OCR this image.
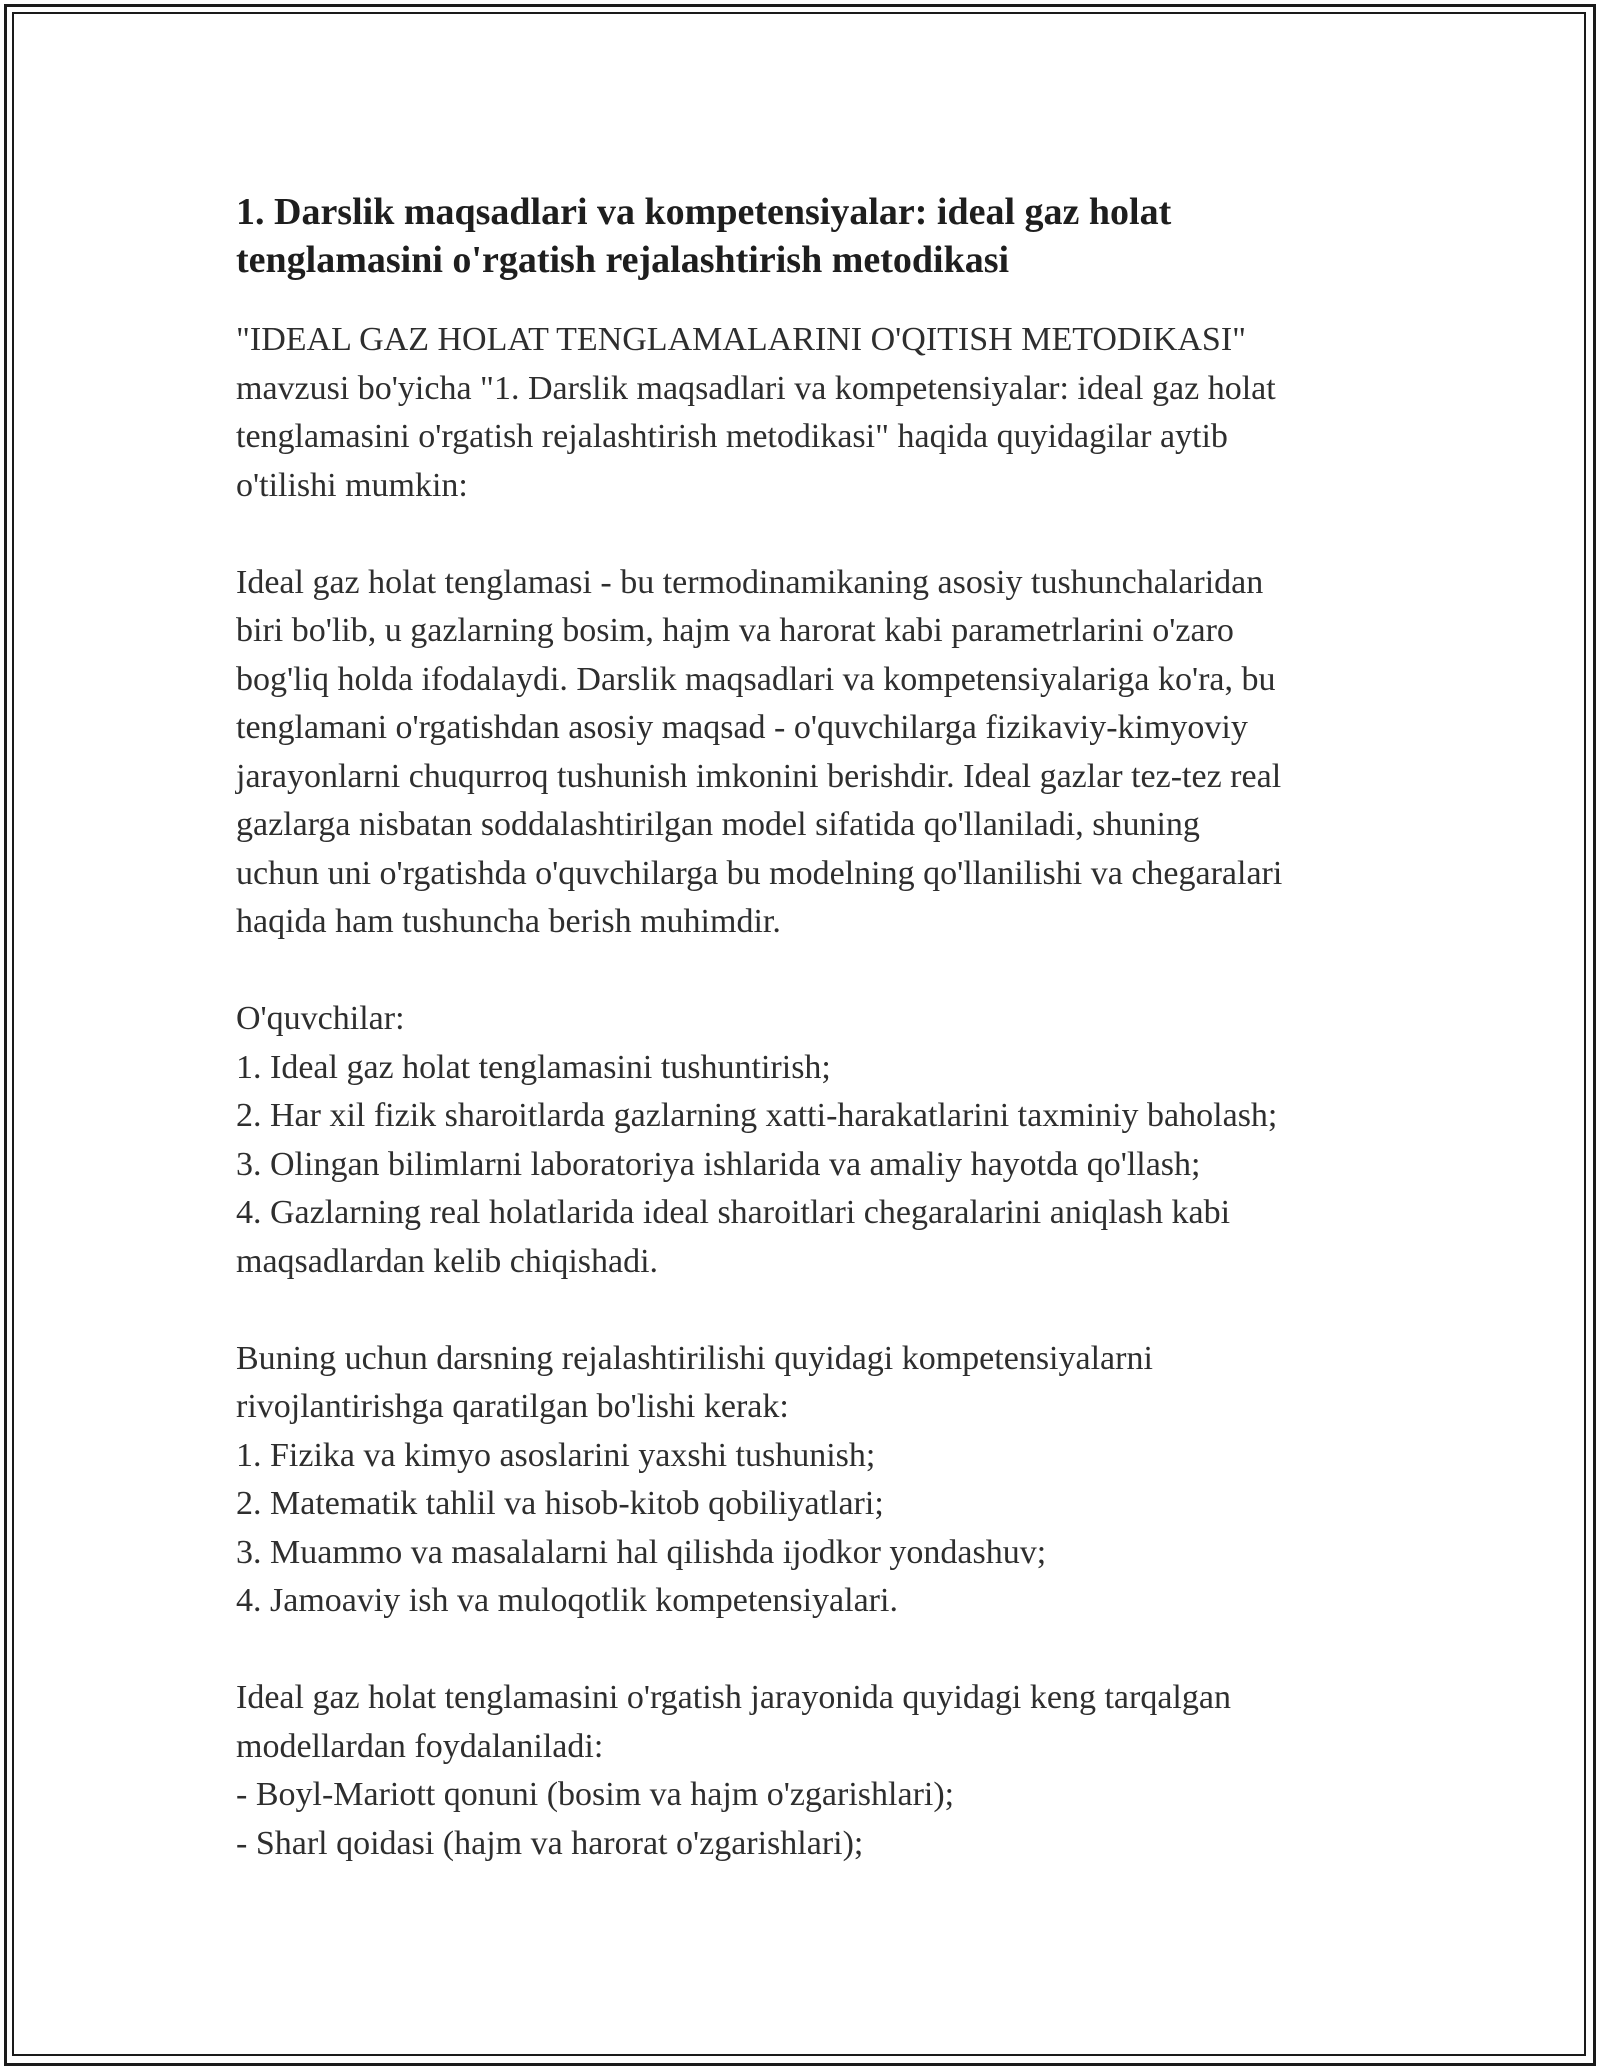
1. Darslik maqsadlari va kompetensiyalar: ideal gaz holat
tenglamasini o'rgatish rejalashtirish metodikasi
"IDEAL GAZ HOLAT TENGLAMALARINI O'QITISH METODIKASI"
mavzusi bo'yicha "1. Darslik maqsadlari va kompetensiyalar: ideal gaz holat
tenglamasini o'rgatish rejalashtirish metodikasi" haqida quyidagilar aytib
o'tilishi mumkin:
Ideal gaz holat tenglamasi - bu termodinamikaning asosiy tushunchalaridan
biri bo'lib, u gazlarning bosim, hajm va harorat kabi parametrlarini o'zaro
bog'liq holda ifodalaydi. Darslik maqsadlari va kompetensiyalariga ko'ra, bu
tenglamani o'rgatishdan asosiy maqsad - o'quvchilarga fizikaviy-kimyoviy
jarayonlarni chuqurroq tushunish imkonini berishdir. Ideal gazlar tez-tez real
gazlarga nisbatan soddalashtirilgan model sifatida qo'llaniladi, shuning
uchun uni o'rgatishda o'quvchilarga bu modelning qo'llanilishi va chegaralari
haqida ham tushuncha berish muhimdir.
O'quvchilar:
1. Ideal gaz holat tenglamasini tushuntirish;
2. Har xil fizik sharoitlarda gazlarning xatti-harakatlarini taxminiy baholash;
3. Olingan bilimlarni laboratoriya ishlarida va amaliy hayotda qo'llash;
4. Gazlarning real holatlarida ideal sharoitlari chegaralarini aniqlash kabi
maqsadlardan kelib chiqishadi.
Buning uchun darsning rejalashtirilishi quyidagi kompetensiyalarni
rivojlantirishga qaratilgan bo'lishi kerak:
1. Fizika va kimyo asoslarini yaxshi tushunish;
2. Matematik tahlil va hisob-kitob qobiliyatlari;
3. Muammo va masalalarni hal qilishda ijodkor yondashuv;
4. Jamoaviy ish va muloqotlik kompetensiyalari.
Ideal gaz holat tenglamasini o'rgatish jarayonida quyidagi keng tarqalgan
modellardan foydalaniladi:
- Boyl-Mariott qonuni (bosim va hajm o'zgarishlari);
- Sharl qoidasi (hajm va harorat o'zgarishlari);
